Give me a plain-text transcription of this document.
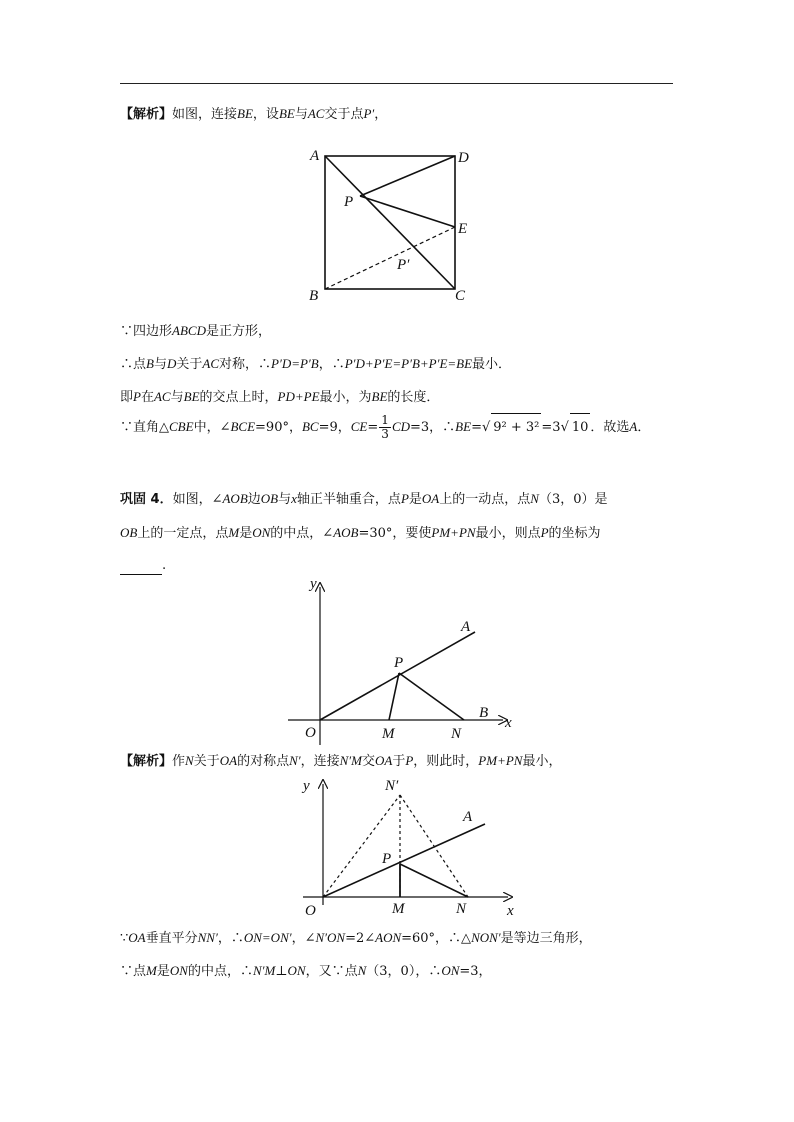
【解析】如图，连接BE，设BE与AC交于点P′，
A	D
P
E
P′
B	C
∵四边形ABCD是正方形，
∴点B与D关于AC对称，∴P′D=P′B，∴P′D+P′E=P′B+P′E=BE最小．
即P在AC与BE的交点上时，PD+PE最小，为BE的长度．
∵直角△CBE中，∠BCE=90°，BC=9，$CE= \frac{1}{3} CD=3$，∴BE=√ 9² + 3² =3√ 10 ．故选A．
巩固 4．如图，∠AOB边OB与x轴正半轴重合，点P是OA上的一动点，点N（3，0）是
OB上的一定点，点M是ON的中点，∠AOB=30°，要使PM+PN最小，则点P的坐标为
.
y
A
P
B
x
O	M	N
【解析】作N关于OA的对称点N′，连接N′M交OA于P，则此时，PM+PN最小，
y	N′
A
P
O	M	N	x
∵OA垂直平分NN′，∴ON=ON′，∠N′ON=2∠AON=60°，∴△NON′是等边三角形，
∵点M是ON的中点，∴N′M⊥ON，又∵点N（3，0），∴ON=3，
